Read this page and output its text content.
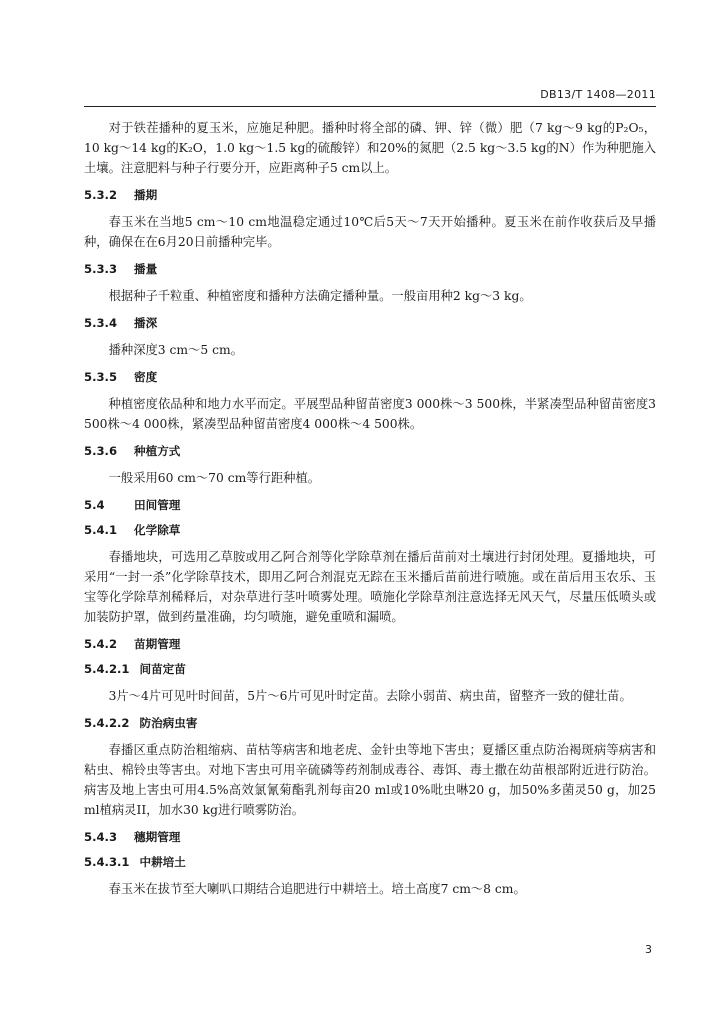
DB13/T 1408—2011

对于铁茬播种的夏玉米，应施足种肥。播种时将全部的磷、钾、锌（微）肥（7 kg～9 kg的P₂O₅，10 kg～14 kg的K₂O，1.0 kg～1.5 kg的硫酸锌）和20%的氮肥（2.5 kg～3.5 kg的N）作为种肥施入土壤。注意肥料与种子行要分开，应距离种子5 cm以上。

5.3.2 播期

春玉米在当地5 cm～10 cm地温稳定通过10℃后5天～7天开始播种。夏玉米在前作收获后及早播种，确保在在6月20日前播种完毕。

5.3.3 播量

根据种子千粒重、种植密度和播种方法确定播种量。一般亩用种2 kg～3 kg。

5.3.4 播深

播种深度3 cm～5 cm。

5.3.5 密度

种植密度依品种和地力水平而定。平展型品种留苗密度3 000株～3 500株，半紧凑型品种留苗密度3 500株～4 000株，紧凑型品种留苗密度4 000株～4 500株。

5.3.6 种植方式

一般采用60 cm～70 cm等行距种植。

5.4	田间管理
5.4.1 化学除草

春播地块，可选用乙草胺或用乙阿合剂等化学除草剂在播后苗前对土壤进行封闭处理。夏播地块，可采用“一封一杀”化学除草技术，即用乙阿合剂混克无踪在玉米播后苗前进行喷施。或在苗后用玉农乐、玉宝等化学除草剂稀释后，对杂草进行茎叶喷雾处理。喷施化学除草剂注意选择无风天气，尽量压低喷头或加装防护罩，做到药量准确，均匀喷施，避免重喷和漏喷。

5.4.2 苗期管理
5.4.2.1 间苗定苗

3片～4片可见叶时间苗，5片～6片可见叶时定苗。去除小弱苗、病虫苗，留整齐一致的健壮苗。

5.4.2.2 防治病虫害

春播区重点防治粗缩病、苗枯等病害和地老虎、金针虫等地下害虫；夏播区重点防治褐斑病等病害和粘虫、棉铃虫等害虫。对地下害虫可用辛硫磷等药剂制成毒谷、毒饵、毒土撒在幼苗根部附近进行防治。病害及地上害虫可用4.5%高效氯氰菊酯乳剂每亩20 ml或10%吡虫啉20 g，加50%多菌灵50 g，加25 ml植病灵II，加水30 kg进行喷雾防治。

5.4.3 穗期管理
5.4.3.1 中耕培土

春玉米在拔节至大喇叭口期结合追肥进行中耕培土。培土高度7 cm～8 cm。

3
